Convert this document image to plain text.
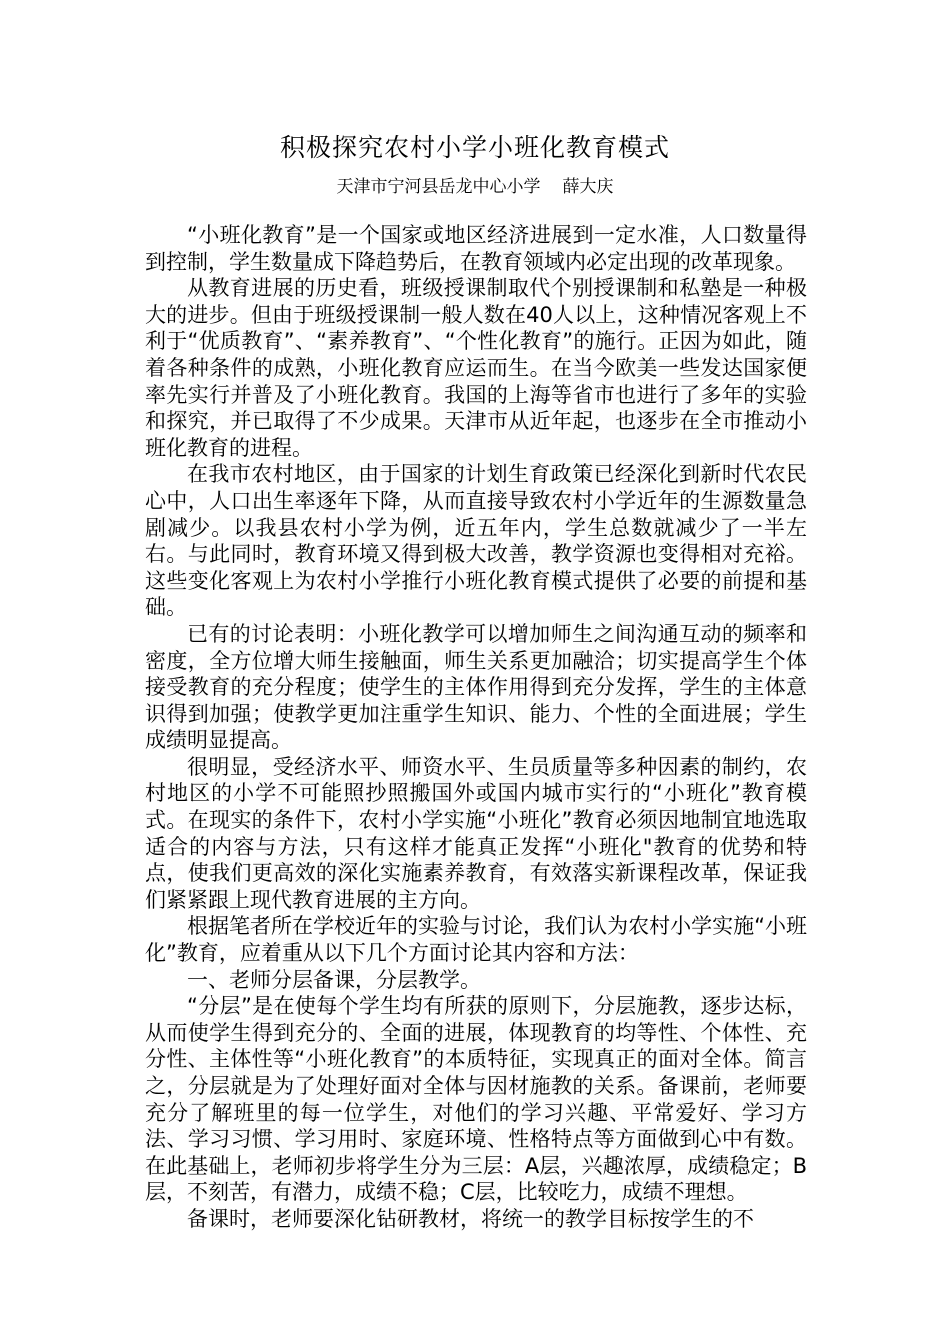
积极探究农村小学小班化教育模式
天津市宁河县岳龙中心小学 薛大庆

“小班化教育”是一个国家或地区经济进展到一定水准，人口数量得到控制，学生数量成下降趋势后，在教育领域内必定出现的改革现象。

从教育进展的历史看，班级授课制取代个别授课制和私塾是一种极大的进步。但由于班级授课制一般人数在40人以上，这种情况客观上不利于“优质教育”、“素养教育”、“个性化教育”的施行。正因为如此，随着各种条件的成熟，小班化教育应运而生。在当今欧美一些发达国家便率先实行并普及了小班化教育。我国的上海等省市也进行了多年的实验和探究，并已取得了不少成果。天津市从近年起，也逐步在全市推动小班化教育的进程。

在我市农村地区，由于国家的计划生育政策已经深化到新时代农民心中，人口出生率逐年下降，从而直接导致农村小学近年的生源数量急剧减少。以我县农村小学为例，近五年内，学生总数就减少了一半左右。与此同时，教育环境又得到极大改善，教学资源也变得相对充裕。这些变化客观上为农村小学推行小班化教育模式提供了必要的前提和基础。

已有的讨论表明：小班化教学可以增加师生之间沟通互动的频率和密度，全方位增大师生接触面，师生关系更加融洽；切实提高学生个体接受教育的充分程度；使学生的主体作用得到充分发挥，学生的主体意识得到加强；使教学更加注重学生知识、能力、个性的全面进展；学生成绩明显提高。

很明显，受经济水平、师资水平、生员质量等多种因素的制约，农村地区的小学不可能照抄照搬国外或国内城市实行的“小班化”教育模式。在现实的条件下，农村小学实施“小班化”教育必须因地制宜地选取适合的内容与方法，只有这样才能真正发挥“小班化"教育的优势和特点，使我们更高效的深化实施素养教育，有效落实新课程改革，保证我们紧紧跟上现代教育进展的主方向。

根据笔者所在学校近年的实验与讨论，我们认为农村小学实施“小班化”教育，应着重从以下几个方面讨论其内容和方法：

一、老师分层备课，分层教学。

“分层”是在使每个学生均有所获的原则下，分层施教，逐步达标，从而使学生得到充分的、全面的进展，体现教育的均等性、个体性、充分性、主体性等“小班化教育”的本质特征，实现真正的面对全体。简言之，分层就是为了处理好面对全体与因材施教的关系。备课前，老师要充分了解班里的每一位学生，对他们的学习兴趣、平常爱好、学习方法、学习习惯、学习用时、家庭环境、性格特点等方面做到心中有数。在此基础上，老师初步将学生分为三层：A层，兴趣浓厚，成绩稳定；B层，不刻苦，有潜力，成绩不稳；C层，比较吃力，成绩不理想。

备课时，老师要深化钻研教材，将统一的教学目标按学生的不
